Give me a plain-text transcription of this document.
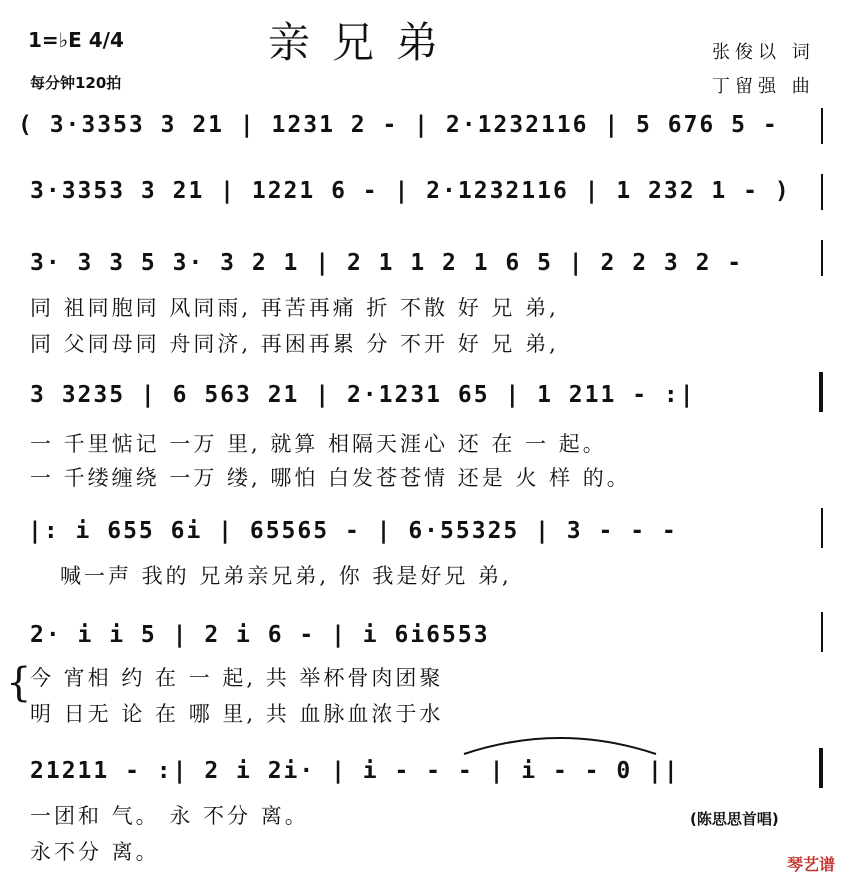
1=♭E 4/4
每分钟120拍
亲兄弟	张俊以 词
丁留强 曲
( 3·3353 3 21 | 1231 2 - | 2·1232116 | 5 676 5 -
3·3353 3 21 | 1221 6 - | 2·1232116 | 1 232 1 - )
3· 3 3 5 3· 3 2 1 | 2 1 1 2 1 6 5 | 2 2 3 2 -
同 祖同胞同 风同雨, 再苦再痛 折 不散 好 兄 弟,
同 父同母同 舟同济, 再困再累 分 不开 好 兄 弟,
3 3235 | 6 563 21 | 2·1231 65 | 1 211 - :|
一 千里惦记 一万 里, 就算 相隔天涯心 还 在 一 起。
一 千缕缠绕 一万 缕, 哪怕 白发苍苍情 还是 火 样 的。
|: i 655 6i | 65565 - | 6·55325 | 3 - - -
喊一声 我的 兄弟亲兄弟, 你 我是好兄 弟,
2· i i 5 | 2 i 6 - | i 6i6553
{
今 宵相 约 在 一 起, 共 举杯骨肉团聚
明 日无 论 在 哪 里, 共 血脉血浓于水
21211 - :| 2 i 2i· | i - - - | i - - 0 ||
一团和 气。 永 不分 离。
永不分 离。
(陈思思首唱)
琴艺谱
